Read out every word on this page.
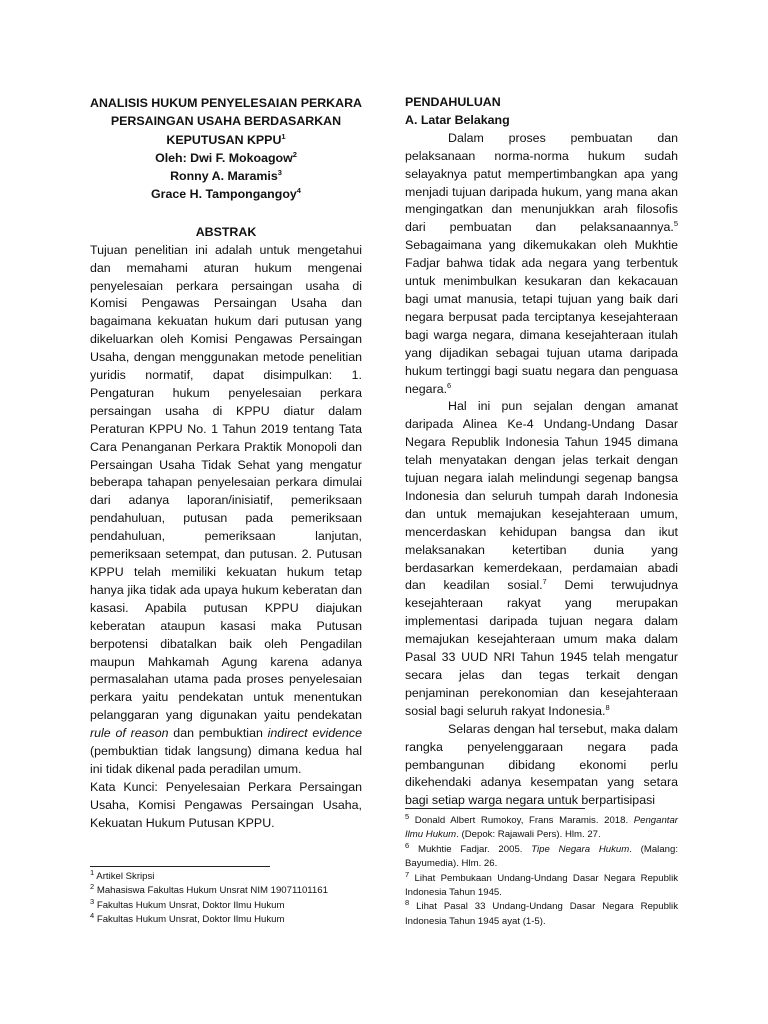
ANALISIS HUKUM PENYELESAIAN PERKARA
PERSAINGAN USAHA BERDASARKAN
KEPUTUSAN KPPU$^1$
Oleh: Dwi F. Mokoagow$^2$
Ronny A. Maramis$^3$
Grace H. Tampongangoy$^4$
ABSTRAK

Tujuan penelitian ini adalah untuk mengetahui dan memahami aturan hukum mengenai penyelesaian perkara persaingan usaha di Komisi Pengawas Persaingan Usaha dan bagaimana kekuatan hukum dari putusan yang dikeluarkan oleh Komisi Pengawas Persaingan Usaha, dengan menggunakan metode penelitian yuridis normatif, dapat disimpulkan: 1. Pengaturan hukum penyelesaian perkara persaingan usaha di KPPU diatur dalam Peraturan KPPU No. 1 Tahun 2019 tentang Tata Cara Penanganan Perkara Praktik Monopoli dan Persaingan Usaha Tidak Sehat yang mengatur beberapa tahapan penyelesaian perkara dimulai dari adanya laporan/inisiatif, pemeriksaan pendahuluan, putusan pada pemeriksaan pendahuluan, pemeriksaan lanjutan, pemeriksaan setempat, dan putusan. 2. Putusan KPPU telah memiliki kekuatan hukum tetap hanya jika tidak ada upaya hukum keberatan dan kasasi. Apabila putusan KPPU diajukan keberatan ataupun kasasi maka Putusan berpotensi dibatalkan baik oleh Pengadilan maupun Mahkamah Agung karena adanya permasalahan utama pada proses penyelesaian perkara yaitu pendekatan untuk menentukan pelanggaran yang digunakan yaitu pendekatan rule of reason dan pembuktian indirect evidence (pembuktian tidak langsung) dimana kedua hal ini tidak dikenal pada peradilan umum.

Kata Kunci: Penyelesaian Perkara Persaingan Usaha, Komisi Pengawas Persaingan Usaha, Kekuatan Hukum Putusan KPPU.

$^1$ Artikel Skripsi

$^2$ Mahasiswa Fakultas Hukum Unsrat NIM 19071101161

$^3$ Fakultas Hukum Unsrat, Doktor Ilmu Hukum

$^4$ Fakultas Hukum Unsrat, Doktor Ilmu Hukum

PENDAHULUAN
A. Latar Belakang

Dalam proses pembuatan dan pelaksanaan norma-norma hukum sudah selayaknya patut mempertimbangkan apa yang menjadi tujuan daripada hukum, yang mana akan mengingatkan dan menunjukkan arah filosofis dari pembuatan dan pelaksanaannya.$^5$ Sebagaimana yang dikemukakan oleh Mukhtie Fadjar bahwa tidak ada negara yang terbentuk untuk menimbulkan kesukaran dan kekacauan bagi umat manusia, tetapi tujuan yang baik dari negara berpusat pada terciptanya kesejahteraan bagi warga negara, dimana kesejahteraan itulah yang dijadikan sebagai tujuan utama daripada hukum tertinggi bagi suatu negara dan penguasa negara.$^6$

Hal ini pun sejalan dengan amanat daripada Alinea Ke-4 Undang-Undang Dasar Negara Republik Indonesia Tahun 1945 dimana telah menyatakan dengan jelas terkait dengan tujuan negara ialah melindungi segenap bangsa Indonesia dan seluruh tumpah darah Indonesia dan untuk memajukan kesejahteraan umum, mencerdaskan kehidupan bangsa dan ikut melaksanakan ketertiban dunia yang berdasarkan kemerdekaan, perdamaian abadi dan keadilan sosial.$^7$ Demi terwujudnya kesejahteraan rakyat yang merupakan implementasi daripada tujuan negara dalam memajukan kesejahteraan umum maka dalam Pasal 33 UUD NRI Tahun 1945 telah mengatur secara jelas dan tegas terkait dengan penjaminan perekonomian dan kesejahteraan sosial bagi seluruh rakyat Indonesia.$^8$

Selaras dengan hal tersebut, maka dalam rangka penyelenggaraan negara pada pembangunan dibidang ekonomi perlu dikehendaki adanya kesempatan yang setara bagi setiap warga negara untuk berpartisipasi

$^5$ Donald Albert Rumokoy, Frans Maramis. 2018. Pengantar Ilmu Hukum. (Depok: Rajawali Pers). Hlm. 27.

$^6$ Mukhtie Fadjar. 2005. Tipe Negara Hukum. (Malang: Bayumedia). Hlm. 26.

$^7$ Lihat Pembukaan Undang-Undang Dasar Negara Republik Indonesia Tahun 1945.

$^8$ Lihat Pasal 33 Undang-Undang Dasar Negara Republik Indonesia Tahun 1945 ayat (1-5).
